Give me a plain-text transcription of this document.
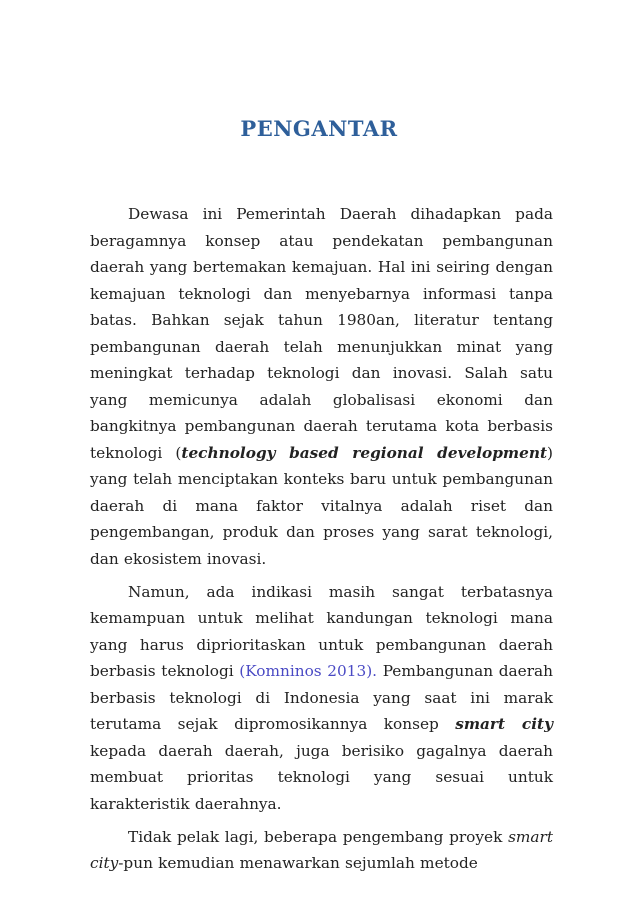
PENGANTAR

Dewasa ini Pemerintah Daerah dihadapkan pada beragamnya konsep atau pendekatan pembangunan daerah yang bertemakan kemajuan. Hal ini seiring dengan kemajuan teknologi dan menyebarnya informasi tanpa batas. Bahkan sejak tahun 1980an, literatur tentang pembangunan daerah telah menunjukkan minat yang meningkat terhadap teknologi dan inovasi. Salah satu yang memicunya adalah globalisasi ekonomi dan bangkitnya pembangunan daerah terutama kota berbasis teknologi (technology based regional development) yang telah menciptakan konteks baru untuk pembangunan daerah di mana faktor vitalnya adalah riset dan pengembangan, produk dan proses yang sarat teknologi, dan ekosistem inovasi.

Namun, ada indikasi masih sangat terbatasnya kemampuan untuk melihat kandungan teknologi mana yang harus diprioritaskan untuk pembangunan daerah berbasis teknologi (Komninos 2013). Pembangunan daerah berbasis teknologi di Indonesia yang saat ini marak terutama sejak dipromosikannya konsep smart city kepada daerah daerah, juga berisiko gagalnya daerah membuat prioritas teknologi yang sesuai untuk karakteristik daerahnya.

Tidak pelak lagi, beberapa pengembang proyek smart city-pun kemudian menawarkan sejumlah metode
